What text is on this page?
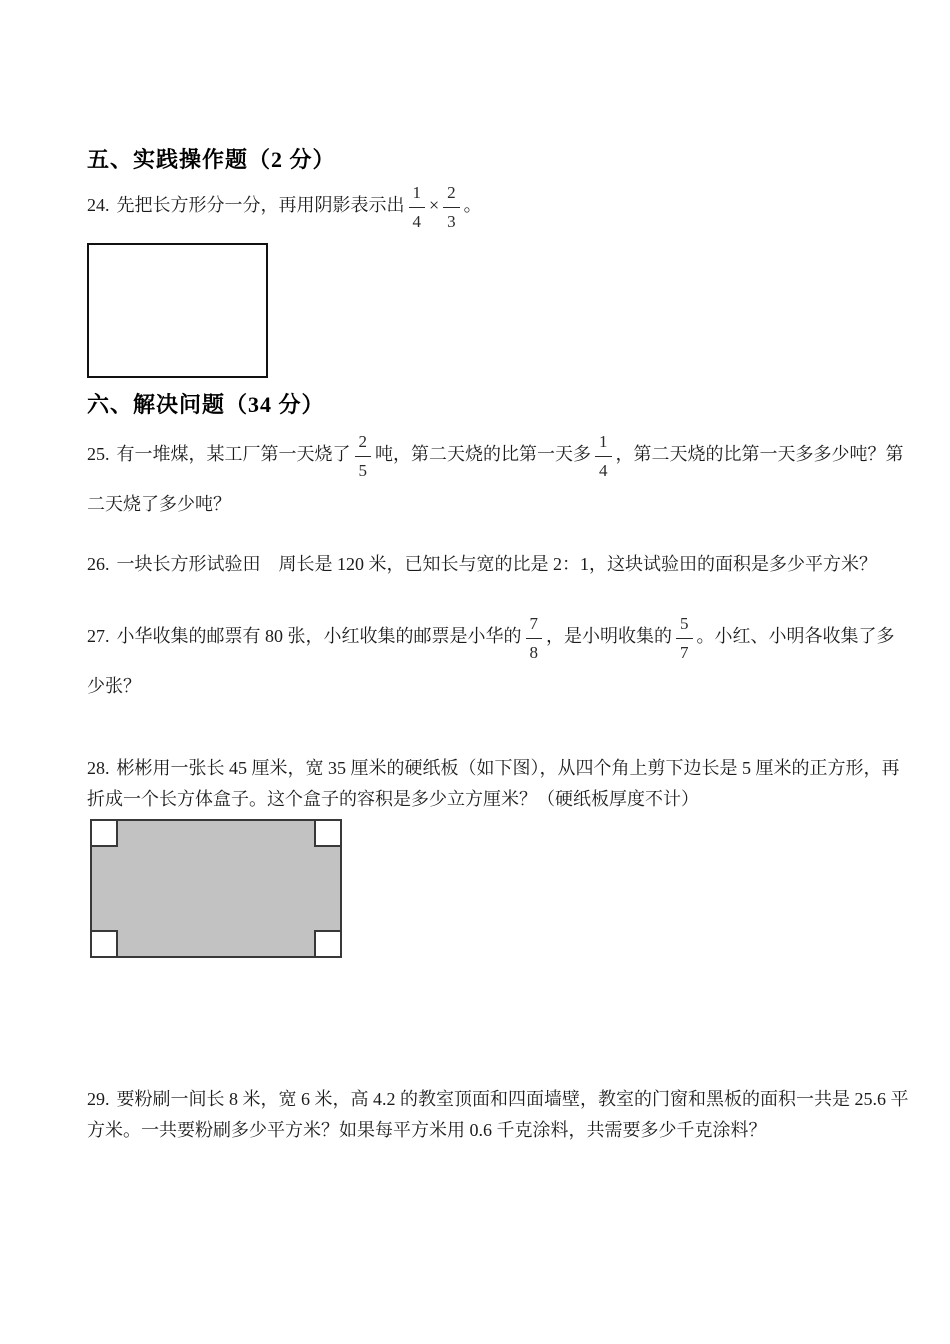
五、实践操作题（2 分）

24. 先把长方形分一分，再用阴影表示出 $\frac{1}{4} \times \frac{2}{3}$ 。

六、解决问题（34 分）

25. 有一堆煤，某工厂第一天烧了 $\frac{2}{5}$ 吨，第二天烧的比第一天多 $\frac{1}{4}$ ，第二天烧的比第一天多多少吨？第二天烧了多少吨？

26. 一块长方形试验田　周长是 120 米，已知长与宽的比是 2：1，这块试验田的面积是多少平方米？

27. 小华收集的邮票有 80 张，小红收集的邮票是小华的 $\frac{7}{8}$ ，是小明收集的 $\frac{5}{7}$ 。小红、小明各收集了多少张？

28. 彬彬用一张长 45 厘米，宽 35 厘米的硬纸板（如下图），从四个角上剪下边长是 5 厘米的正方形，再折成一个长方体盒子。这个盒子的容积是多少立方厘米？（硬纸板厚度不计）

29. 要粉刷一间长 8 米，宽 6 米，高 4.2 的教室顶面和四面墙壁，教室的门窗和黑板的面积一共是 25.6 平方米。一共要粉刷多少平方米？如果每平方米用 0.6 千克涂料，共需要多少千克涂料？
